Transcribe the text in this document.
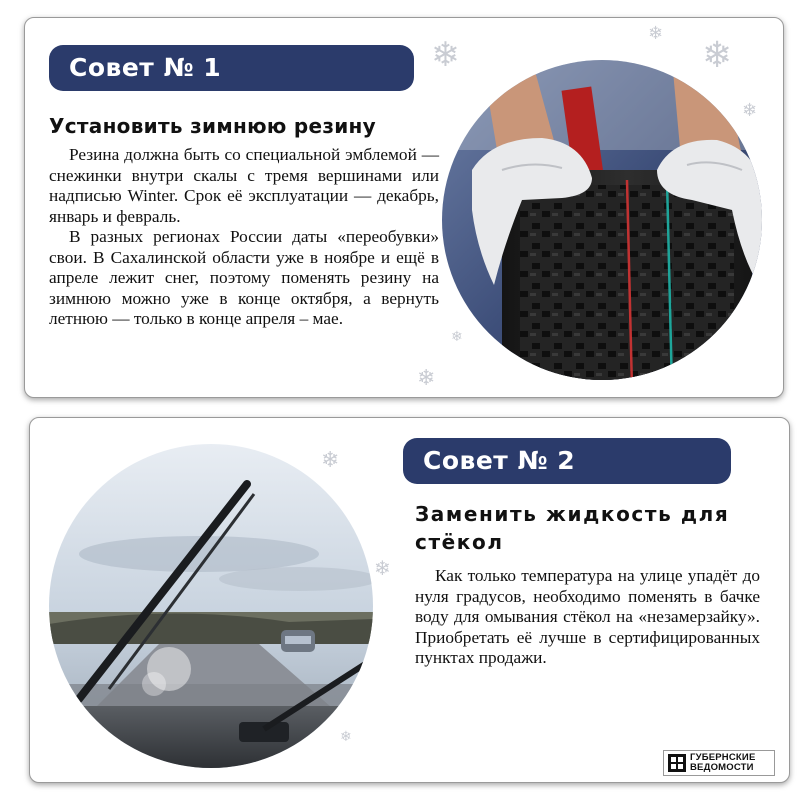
Совет № 1
Установить зимнюю резину

Резина должна быть со специальной эмблемой — снежинки внутри скалы с тремя вершинами или надписью Winter. Срок её эксплуатации — декабрь, январь и февраль.

В разных регионах России даты «переобувки» свои. В Сахалинской области уже в ноябре и ещё в апреле лежит снег, поэтому поменять резину на зимнюю можно уже в конце октября, а вернуть летнюю — только в конце апреля – мае.

❄
❄
❄
❄
❄
❄
Совет № 2
Заменить жидкость для стёкол

Как только температура на улице упадёт до нуля градусов, необходимо поменять в бачке воду для омывания стёкол на «незамерзайку». Приобретать её лучше в сертифицированных пунктах продажи.

❄
❄
❄
ГУБЕРНСКИЕ
ВЕДОМОСТИ
